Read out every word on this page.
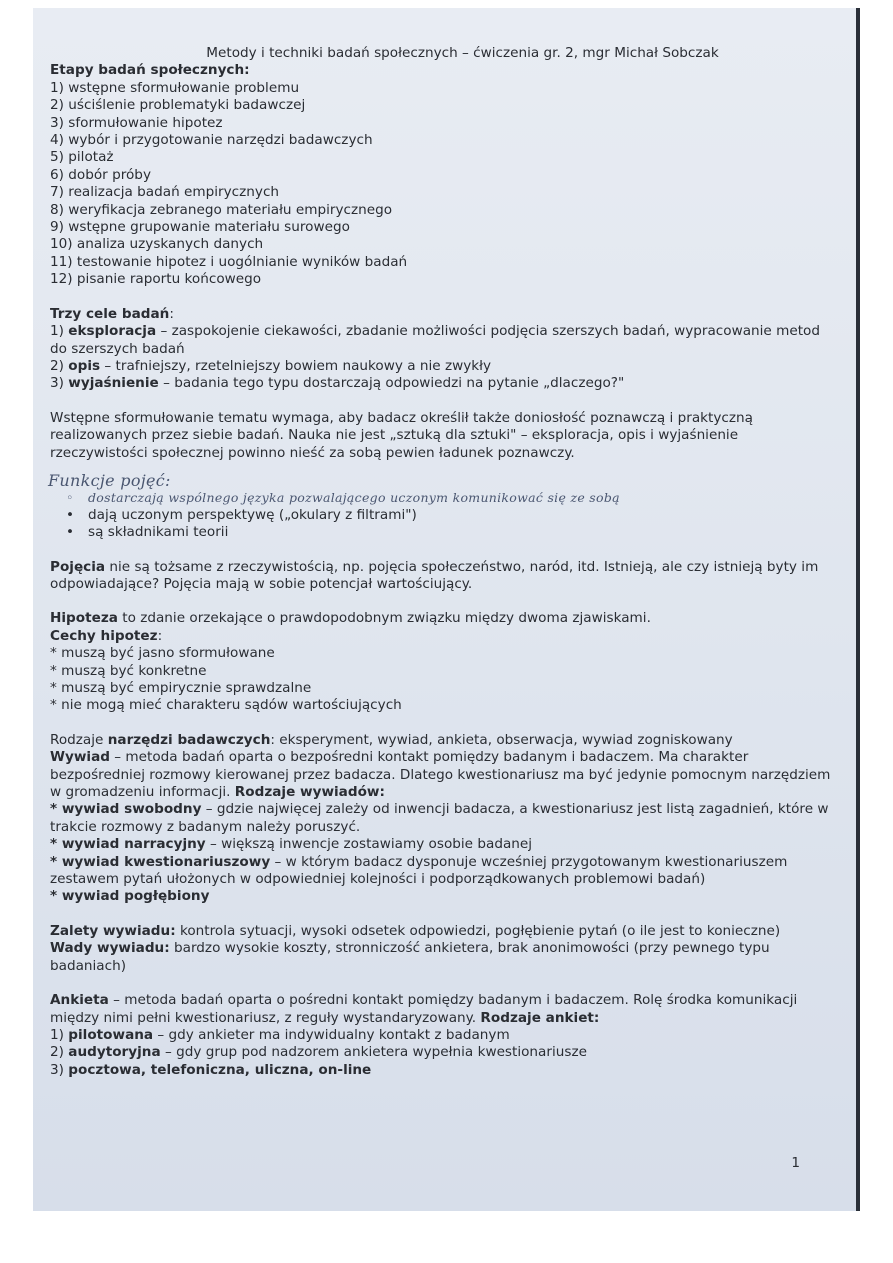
Metody i techniki badań społecznych – ćwiczenia gr. 2, mgr Michał Sobczak

Etapy badań społecznych:

1) wstępne sformułowanie problemu

2) uściślenie problematyki badawczej

3) sformułowanie hipotez

4) wybór i przygotowanie narzędzi badawczych

5) pilotaż

6) dobór próby

7) realizacja badań empirycznych

8) weryfikacja zebranego materiału empirycznego

9) wstępne grupowanie materiału surowego

10) analiza uzyskanych danych

11) testowanie hipotez i uogólnianie wyników badań

12) pisanie raportu końcowego

Trzy cele badań:

1) eksploracja – zaspokojenie ciekawości, zbadanie możliwości podjęcia szerszych badań, wypracowanie metod do szerszych badań

2) opis – trafniejszy, rzetelniejszy bowiem naukowy a nie zwykły

3) wyjaśnienie – badania tego typu dostarczają odpowiedzi na pytanie „dlaczego?"

Wstępne sformułowanie tematu wymaga, aby badacz określił także doniosłość poznawczą i praktyczną realizowanych przez siebie badań. Nauka nie jest „sztuką dla sztuki" – eksploracja, opis i wyjaśnienie rzeczywistości społecznej powinno nieść za sobą pewien ładunek poznawczy.

Funkcje pojęć:

◦ dostarczają wspólnego języka pozwalającego uczonym komunikować się ze sobą
• dają uczonym perspektywę („okulary z filtrami")
• są składnikami teorii

Pojęcia nie są tożsame z rzeczywistością, np. pojęcia społeczeństwo, naród, itd. Istnieją, ale czy istnieją byty im odpowiadające? Pojęcia mają w sobie potencjał wartościujący.

Hipoteza to zdanie orzekające o prawdopodobnym związku między dwoma zjawiskami.

Cechy hipotez:

* muszą być jasno sformułowane

* muszą być konkretne

* muszą być empirycznie sprawdzalne

* nie mogą mieć charakteru sądów wartościujących

Rodzaje narzędzi badawczych: eksperyment, wywiad, ankieta, obserwacja, wywiad zogniskowany

Wywiad – metoda badań oparta o bezpośredni kontakt pomiędzy badanym i badaczem. Ma charakter bezpośredniej rozmowy kierowanej przez badacza. Dlatego kwestionariusz ma być jedynie pomocnym narzędziem w gromadzeniu informacji. Rodzaje wywiadów:

* wywiad swobodny – gdzie najwięcej zależy od inwencji badacza, a kwestionariusz jest listą zagadnień, które w trakcie rozmowy z badanym należy poruszyć.

* wywiad narracyjny – większą inwencje zostawiamy osobie badanej

* wywiad kwestionariuszowy – w którym badacz dysponuje wcześniej przygotowanym kwestionariuszem zestawem pytań ułożonych w odpowiedniej kolejności i podporządkowanych problemowi badań)

* wywiad pogłębiony

Zalety wywiadu: kontrola sytuacji, wysoki odsetek odpowiedzi, pogłębienie pytań (o ile jest to konieczne)

Wady wywiadu: bardzo wysokie koszty, stronniczość ankietera, brak anonimowości (przy pewnego typu badaniach)

Ankieta – metoda badań oparta o pośredni kontakt pomiędzy badanym i badaczem. Rolę środka komunikacji między nimi pełni kwestionariusz, z reguły wystandaryzowany. Rodzaje ankiet:

1) pilotowana – gdy ankieter ma indywidualny kontakt z badanym

2) audytoryjna – gdy grup pod nadzorem ankietera wypełnia kwestionariusze

3) pocztowa, telefoniczna, uliczna, on-line

1
